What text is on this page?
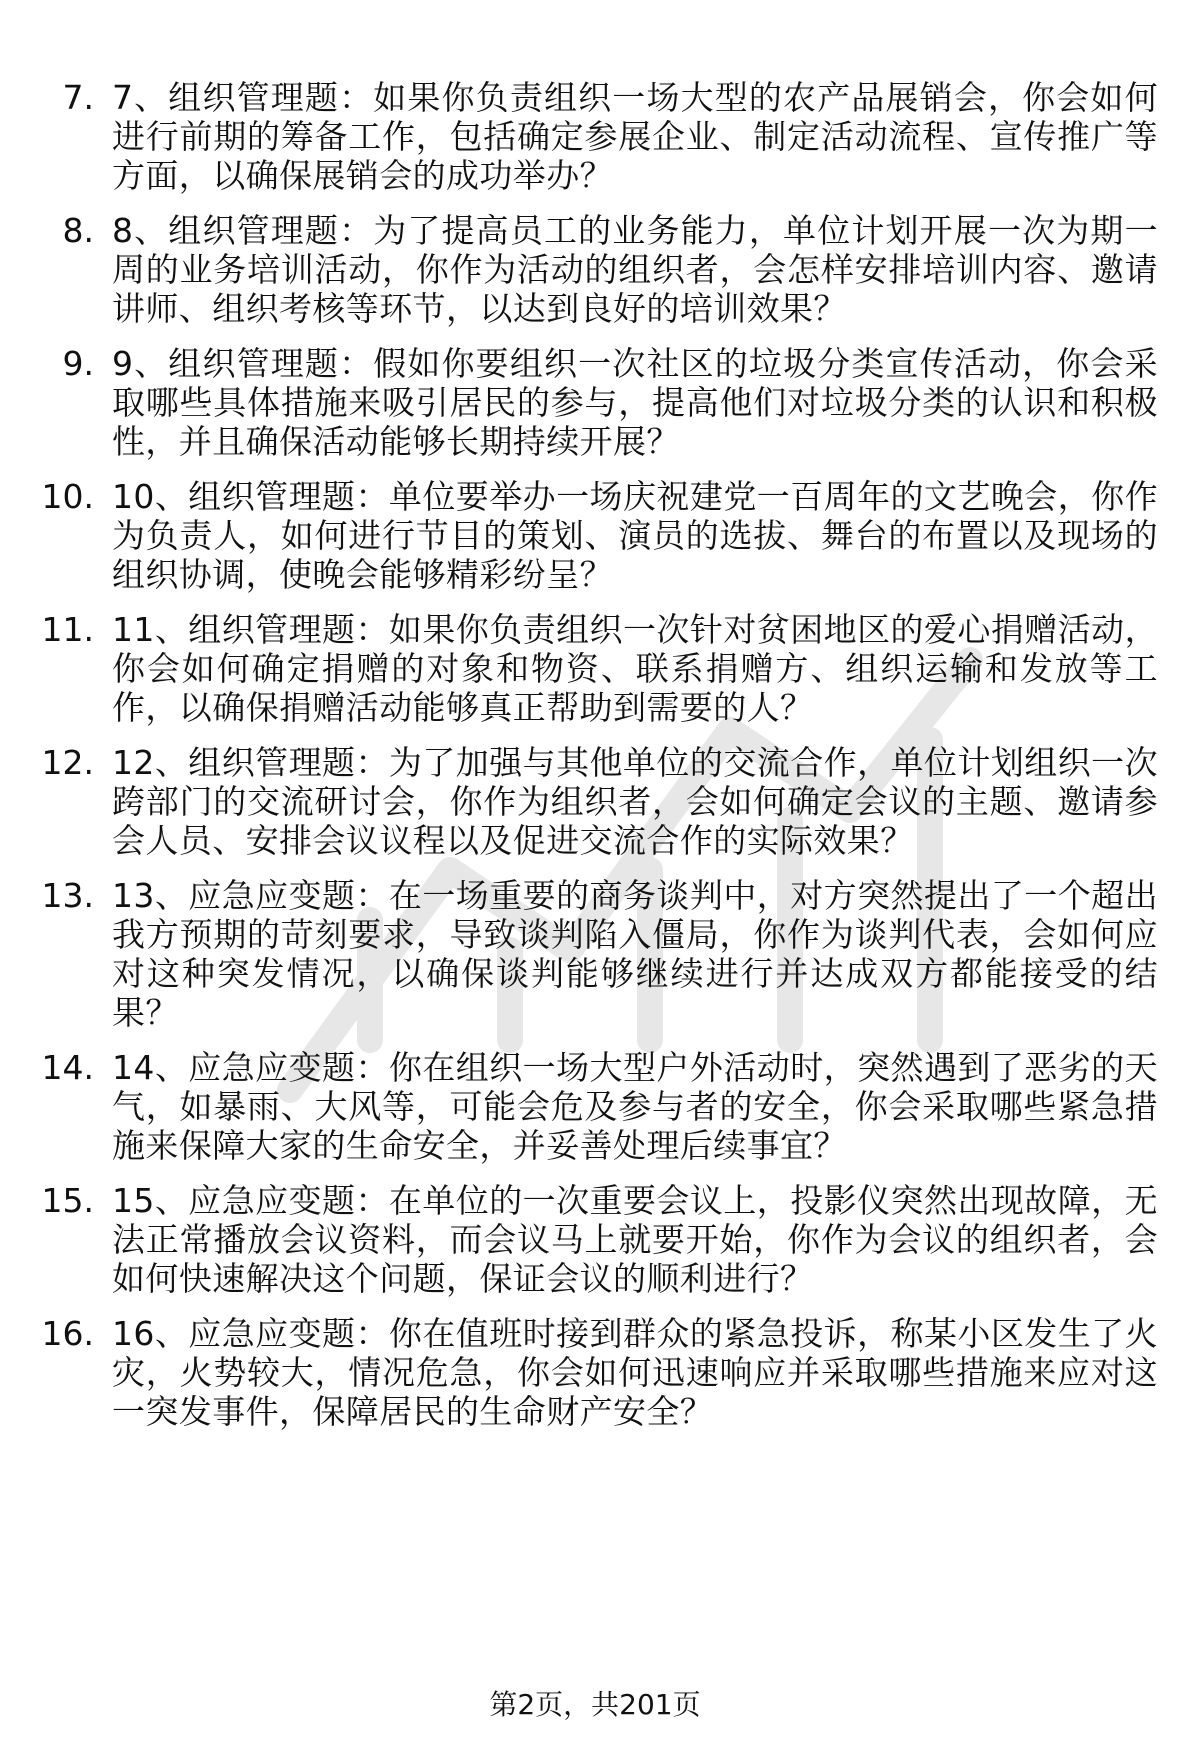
7. 7、组织管理题：如果你负责组织一场大型的农产品展销会，你会如何进行前期的筹备工作，包括确定参展企业、制定活动流程、宣传推广等方面，以确保展销会的成功举办？
8. 8、组织管理题：为了提高员工的业务能力，单位计划开展一次为期一周的业务培训活动，你作为活动的组织者，会怎样安排培训内容、邀请讲师、组织考核等环节，以达到良好的培训效果？
9. 9、组织管理题：假如你要组织一次社区的垃圾分类宣传活动，你会采取哪些具体措施来吸引居民的参与，提高他们对垃圾分类的认识和积极性，并且确保活动能够长期持续开展？
10. 10、组织管理题：单位要举办一场庆祝建党一百周年的文艺晚会，你作为负责人，如何进行节目的策划、演员的选拔、舞台的布置以及现场的组织协调，使晚会能够精彩纷呈？
11. 11、组织管理题：如果你负责组织一次针对贫困地区的爱心捐赠活动，你会如何确定捐赠的对象和物资、联系捐赠方、组织运输和发放等工作，以确保捐赠活动能够真正帮助到需要的人？
12. 12、组织管理题：为了加强与其他单位的交流合作，单位计划组织一次跨部门的交流研讨会，你作为组织者，会如何确定会议的主题、邀请参会人员、安排会议议程以及促进交流合作的实际效果？
13. 13、应急应变题：在一场重要的商务谈判中，对方突然提出了一个超出我方预期的苛刻要求，导致谈判陷入僵局，你作为谈判代表，会如何应对这种突发情况，以确保谈判能够继续进行并达成双方都能接受的结果？
14. 14、应急应变题：你在组织一场大型户外活动时，突然遇到了恶劣的天气，如暴雨、大风等，可能会危及参与者的安全，你会采取哪些紧急措施来保障大家的生命安全，并妥善处理后续事宜？
15. 15、应急应变题：在单位的一次重要会议上，投影仪突然出现故障，无法正常播放会议资料，而会议马上就要开始，你作为会议的组织者，会如何快速解决这个问题，保证会议的顺利进行？
16. 16、应急应变题：你在值班时接到群众的紧急投诉，称某小区发生了火灾，火势较大，情况危急，你会如何迅速响应并采取哪些措施来应对这一突发事件，保障居民的生命财产安全？
第2页，共201页
